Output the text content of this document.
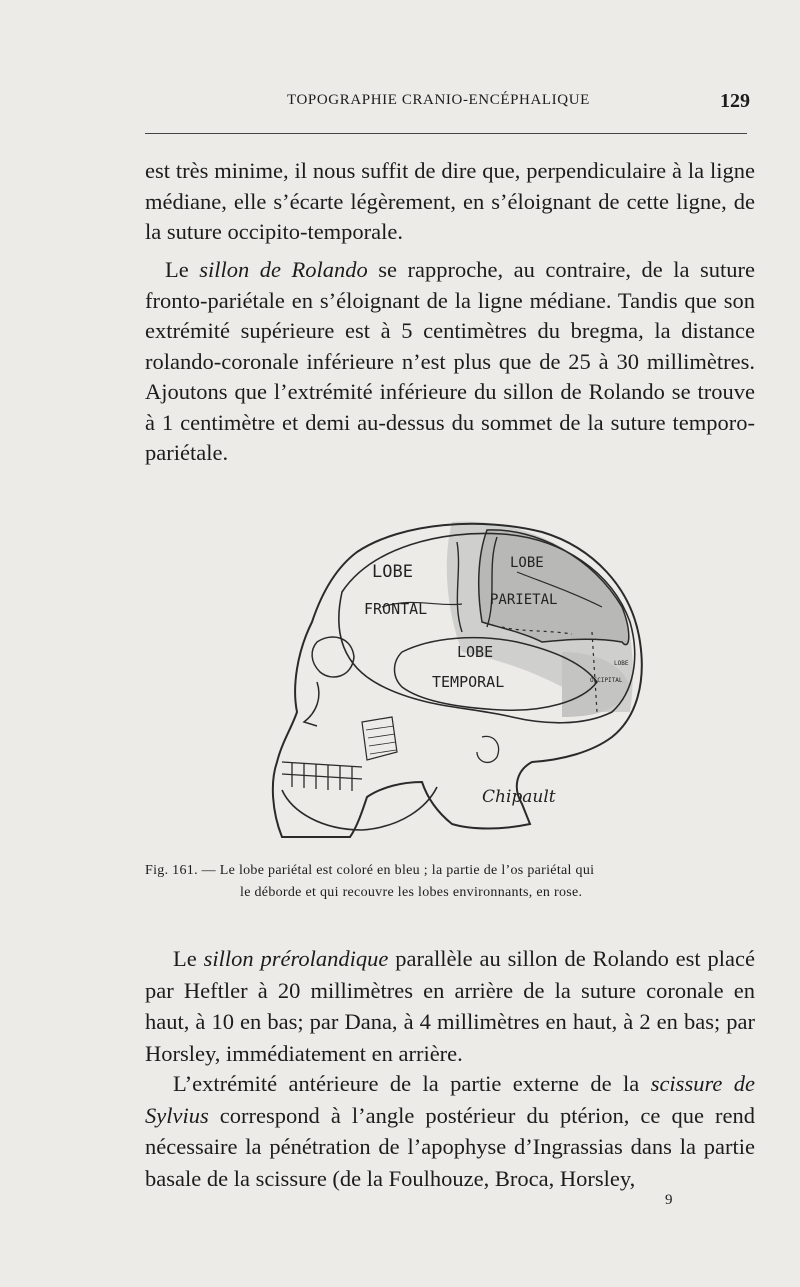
TOPOGRAPHIE CRANIO-ENCÉPHALIQUE	129

est très minime, il nous suffit de dire que, perpendiculaire à la ligne médiane, elle s’écarte légèrement, en s’éloignant de cette ligne, de la suture occipito-temporale.

Le sillon de Rolando se rapproche, au contraire, de la suture fronto-pariétale en s’éloignant de la ligne médiane. Tandis que son extrémité supérieure est à 5 centimètres du bregma, la distance rolando-coronale inférieure n’est plus que de 25 à 30 millimètres. Ajoutons que l’extrémité inférieure du sillon de Rolando se trouve à 1 centimètre et demi au-dessus du sommet de la suture temporo-pariétale.

LOBE
FRONTAL
LOBE
PARIETAL
LOBE
TEMPORAL
LOBE
OCCIPITAL
Chipault
Fig. 161. — Le lobe pariétal est coloré en bleu ; la partie de l’os pariétal qui
le déborde et qui recouvre les lobes environnants, en rose.

Le sillon prérolandique parallèle au sillon de Rolando est placé par Heftler à 20 millimètres en arrière de la suture coronale en haut, à 10 en bas; par Dana, à 4 millimètres en haut, à 2 en bas; par Horsley, immédiatement en arrière.

L’extrémité antérieure de la partie externe de la scissure de Sylvius correspond à l’angle postérieur du ptérion, ce que rend nécessaire la pénétration de l’apophyse d’Ingrassias dans la partie basale de la scissure (de la Foulhouze, Broca, Horsley,

9
